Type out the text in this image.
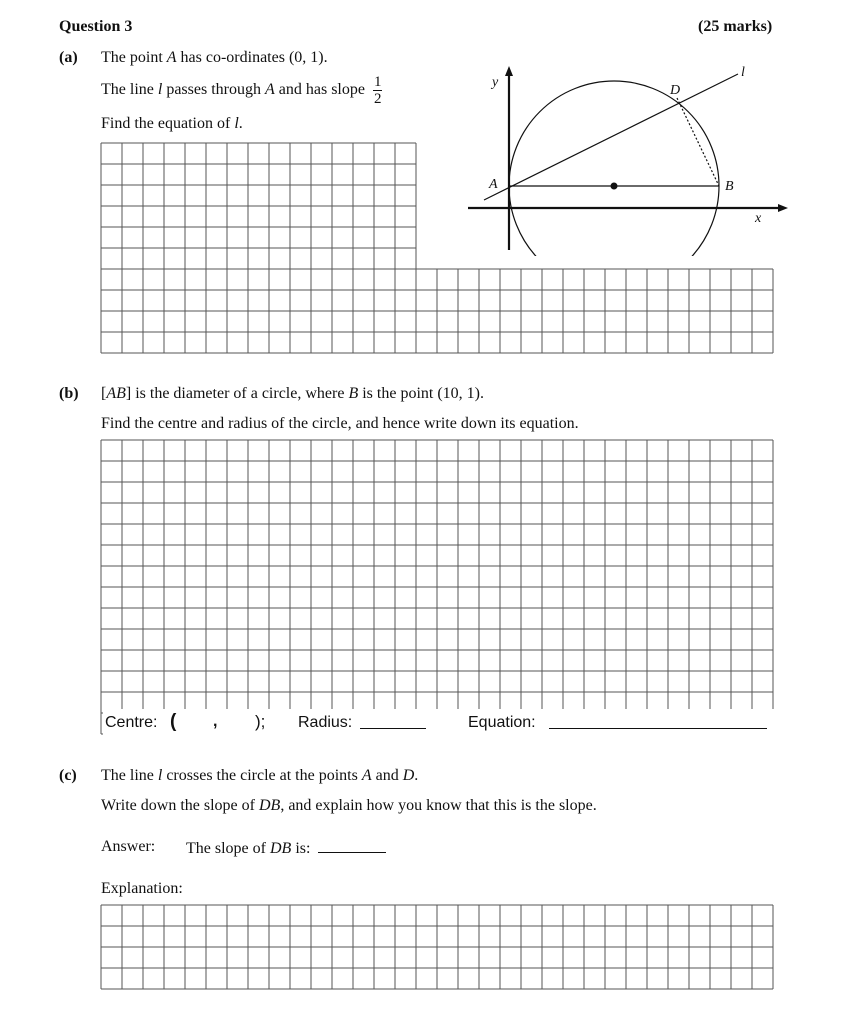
Question 3	(25 marks)
(a) The point A has co-ordinates (0, 1).
The line l passes through A and has slope $\frac{1}{2}$
Find the equation of l.
y
x
l
D
A	B
(b) [AB] is the diameter of a circle, where B is the point (10, 1).
Find the centre and radius of the circle, and hence write down its equation.
Centre: ( , ); Radius:	Equation:
(c) The line l crosses the circle at the points A and D.
Write down the slope of DB, and explain how you know that this is the slope.
Answer: The slope of DB is:
Explanation:
